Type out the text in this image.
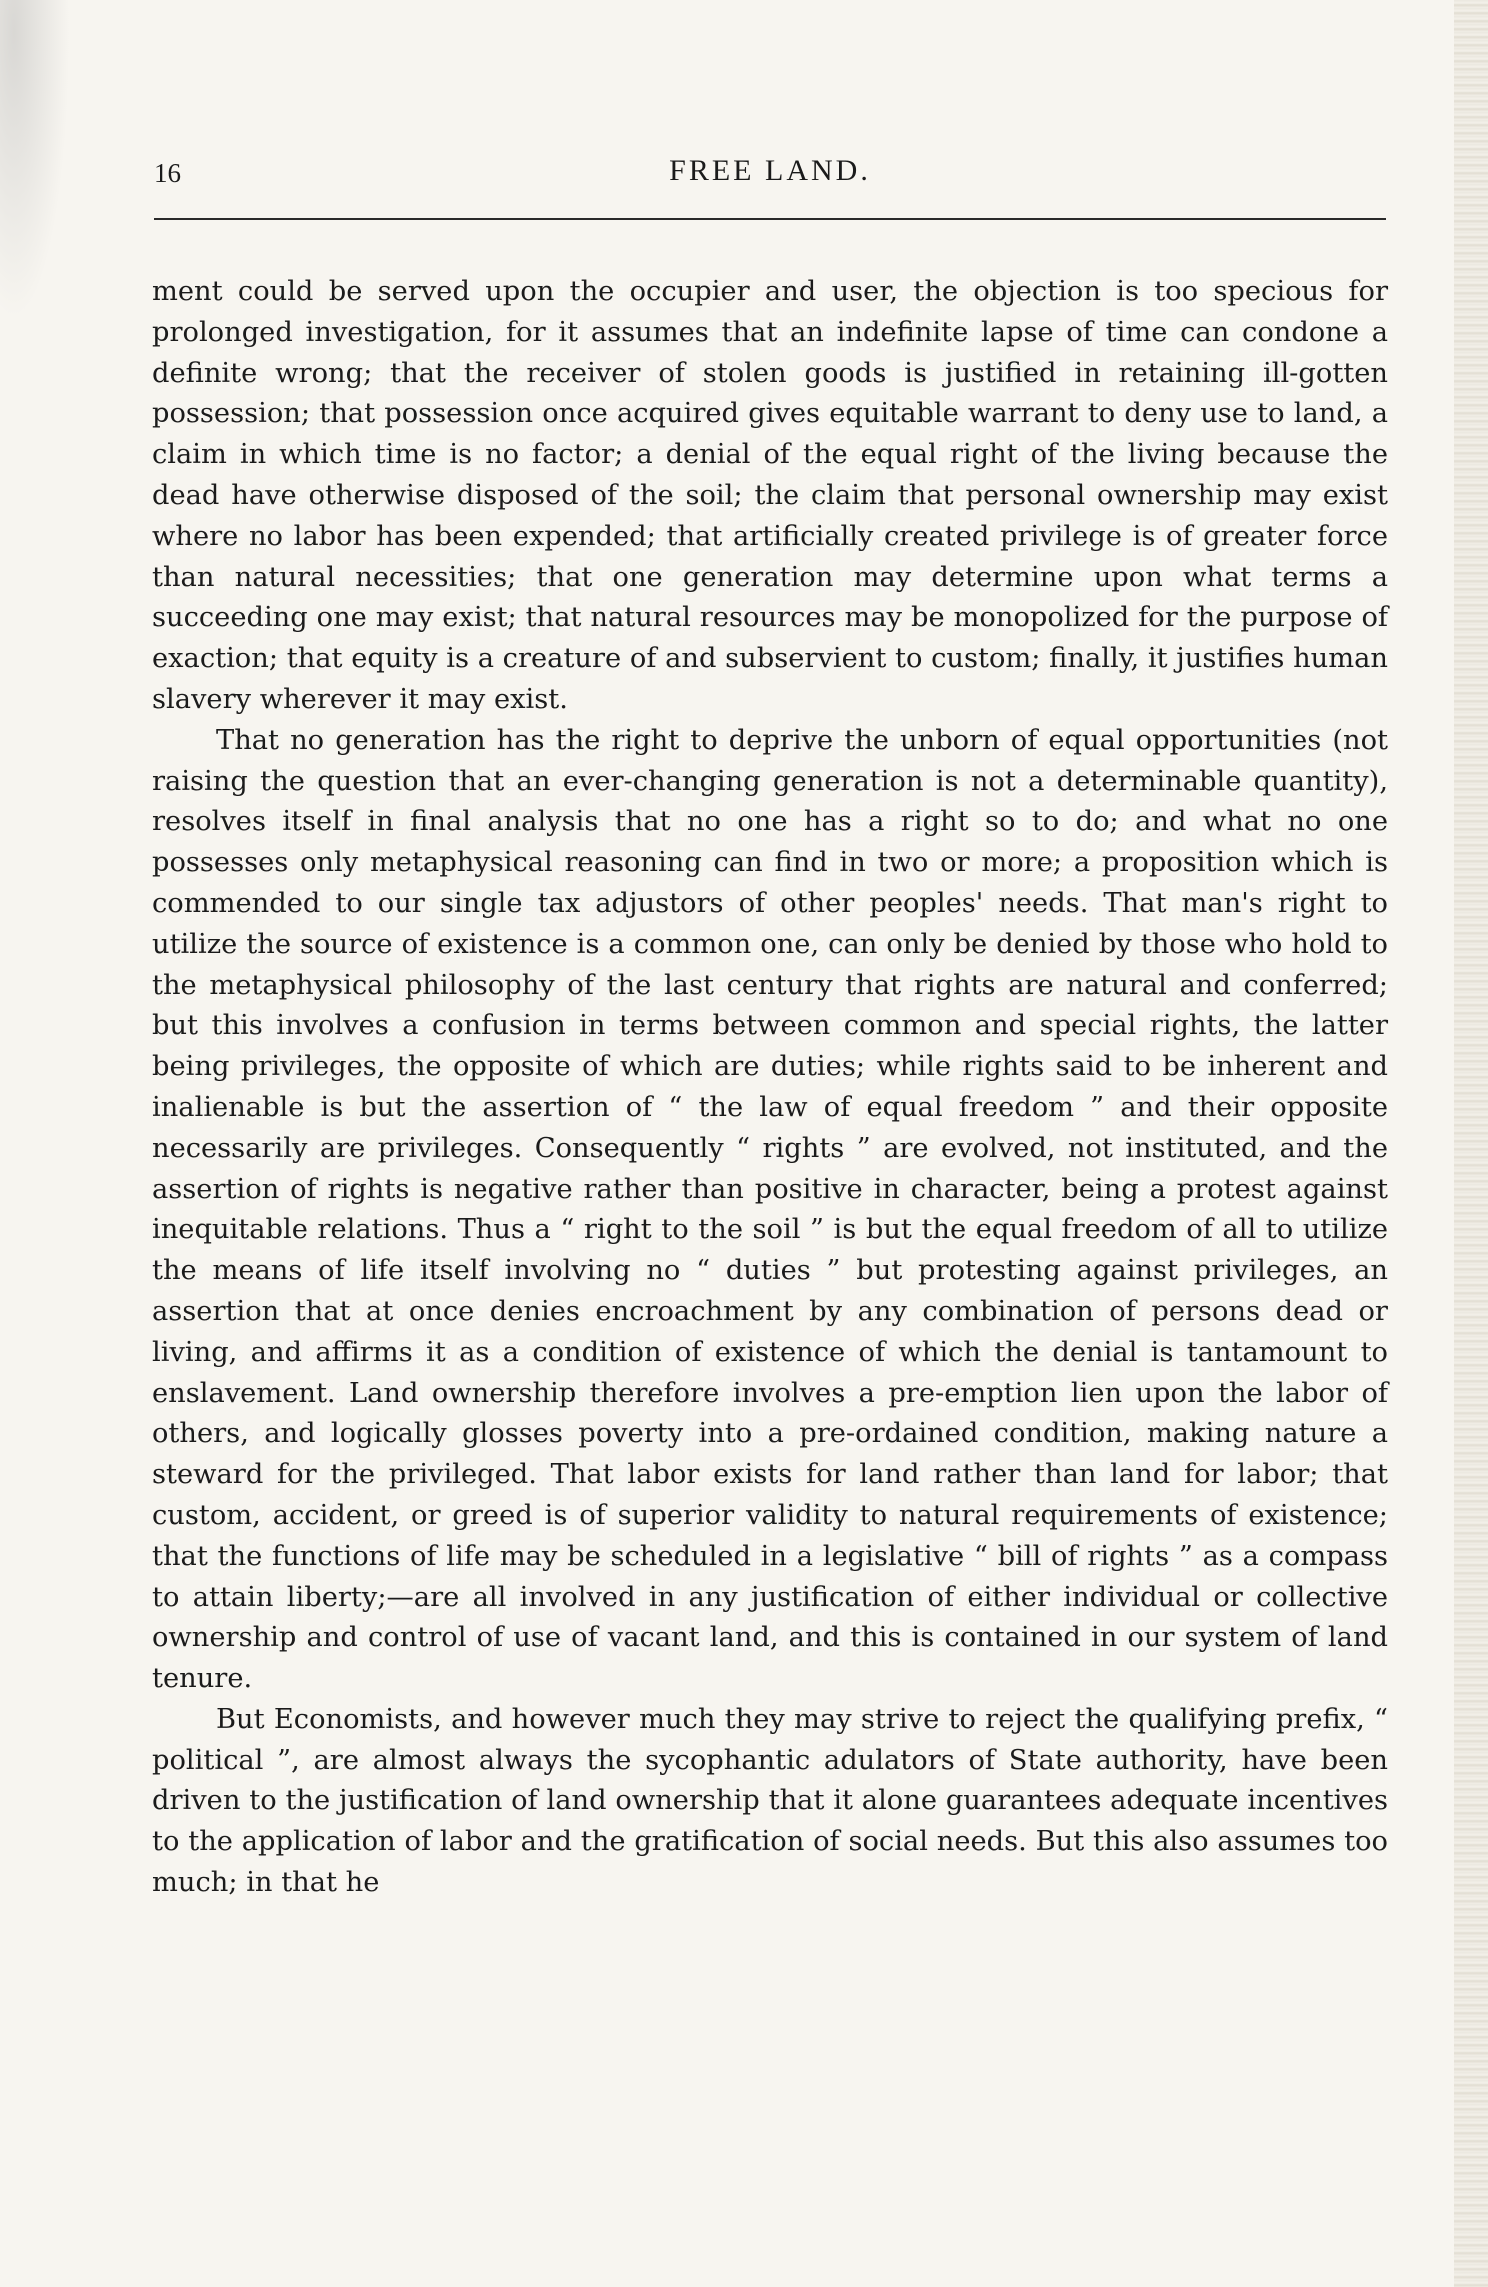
16	FREE LAND.

ment could be served upon the occupier and user, the objection is too specious for prolonged investigation, for it assumes that an indefinite lapse of time can condone a definite wrong; that the receiver of stolen goods is justified in retaining ill-gotten possession; that possession once acquired gives equitable warrant to deny use to land, a claim in which time is no factor; a denial of the equal right of the living because the dead have otherwise disposed of the soil; the claim that personal ownership may exist where no labor has been expended; that artificially created privilege is of greater force than natural necessities; that one generation may determine upon what terms a succeeding one may exist; that natural resources may be monopolized for the purpose of exaction; that equity is a creature of and subservient to custom; finally, it justifies human slavery wherever it may exist.

That no generation has the right to deprive the unborn of equal opportunities (not raising the question that an ever-changing generation is not a determinable quantity), resolves itself in final analysis that no one has a right so to do; and what no one possesses only metaphysical reasoning can find in two or more; a proposition which is commended to our single tax adjustors of other peoples' needs. That man's right to utilize the source of existence is a common one, can only be denied by those who hold to the metaphysical philosophy of the last century that rights are natural and conferred; but this involves a confusion in terms between common and special rights, the latter being privileges, the opposite of which are duties; while rights said to be inherent and inalienable is but the assertion of “ the law of equal freedom ” and their opposite necessarily are privileges. Consequently “ rights ” are evolved, not instituted, and the assertion of rights is negative rather than positive in character, being a protest against inequitable relations. Thus a “ right to the soil ” is but the equal freedom of all to utilize the means of life itself involving no “ duties ” but protesting against privileges, an assertion that at once denies encroachment by any combination of persons dead or living, and affirms it as a condition of existence of which the denial is tantamount to enslavement. Land ownership therefore involves a pre-emption lien upon the labor of others, and logically glosses poverty into a pre-ordained condition, making nature a steward for the privileged. That labor exists for land rather than land for labor; that custom, accident, or greed is of superior validity to natural requirements of existence; that the functions of life may be scheduled in a legislative “ bill of rights ” as a compass to attain liberty;—are all involved in any justification of either individual or collective ownership and control of use of vacant land, and this is contained in our system of land tenure.

But Economists, and however much they may strive to reject the qualifying prefix, “ political ”, are almost always the sycophantic adulators of State authority, have been driven to the justification of land ownership that it alone guarantees adequate incentives to the application of labor and the gratification of social needs. But this also assumes too much; in that he
